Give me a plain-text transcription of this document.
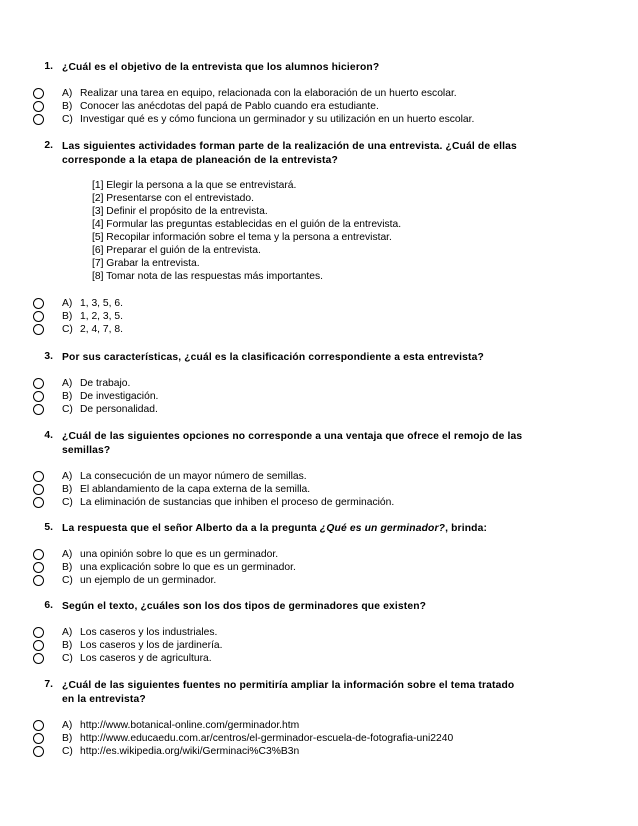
1. ¿Cuál es el objetivo de la entrevista que los alumnos hicieron?
A) Realizar una tarea en equipo, relacionada con la elaboración de un huerto escolar.
B) Conocer las anécdotas del papá de Pablo cuando era estudiante.
C) Investigar qué es y cómo funciona un germinador y su utilización en un huerto escolar.
2. Las siguientes actividades forman parte de la realización de una entrevista. ¿Cuál de ellas
corresponde a la etapa de planeación de la entrevista?
[1] Elegir la persona a la que se entrevistará.
[2] Presentarse con el entrevistado.
[3] Definir el propósito de la entrevista.
[4] Formular las preguntas establecidas en el guión de la entrevista.
[5] Recopilar información sobre el tema y la persona a entrevistar.
[6] Preparar el guión de la entrevista.
[7] Grabar la entrevista.
[8] Tomar nota de las respuestas más importantes.
A) 1, 3, 5, 6.
B) 1, 2, 3, 5.
C) 2, 4, 7, 8.
3. Por sus características, ¿cuál es la clasificación correspondiente a esta entrevista?
A) De trabajo.
B) De investigación.
C) De personalidad.
4. ¿Cuál de las siguientes opciones no corresponde a una ventaja que ofrece el remojo de las
semillas?
A) La consecución de un mayor número de semillas.
B) El ablandamiento de la capa externa de la semilla.
C) La eliminación de sustancias que inhiben el proceso de germinación.
5. La respuesta que el señor Alberto da a la pregunta ¿Qué es un germinador?, brinda:
A) una opinión sobre lo que es un germinador.
B) una explicación sobre lo que es un germinador.
C) un ejemplo de un germinador.
6. Según el texto, ¿cuáles son los dos tipos de germinadores que existen?
A) Los caseros y los industriales.
B) Los caseros y los de jardinería.
C) Los caseros y de agricultura.
7. ¿Cuál de las siguientes fuentes no permitiría ampliar la información sobre el tema tratado
en la entrevista?
A) http://www.botanical-online.com/germinador.htm
B) http://www.educaedu.com.ar/centros/el-germinador-escuela-de-fotografia-uni2240
C) http://es.wikipedia.org/wiki/Germinaci%C3%B3n
